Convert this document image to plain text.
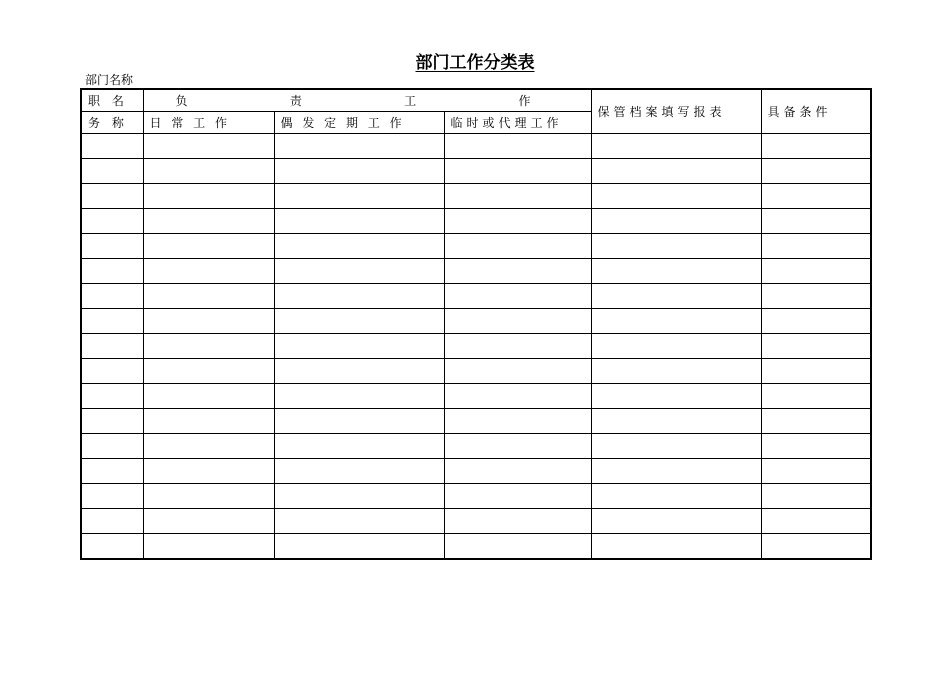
部门工作分类表
部门名称
职 名	负 责 工 作			保管档案填写报表	具备条件

务 称	日 常 工 作	偶 发 定 期 工 作	临时或代理工作		
